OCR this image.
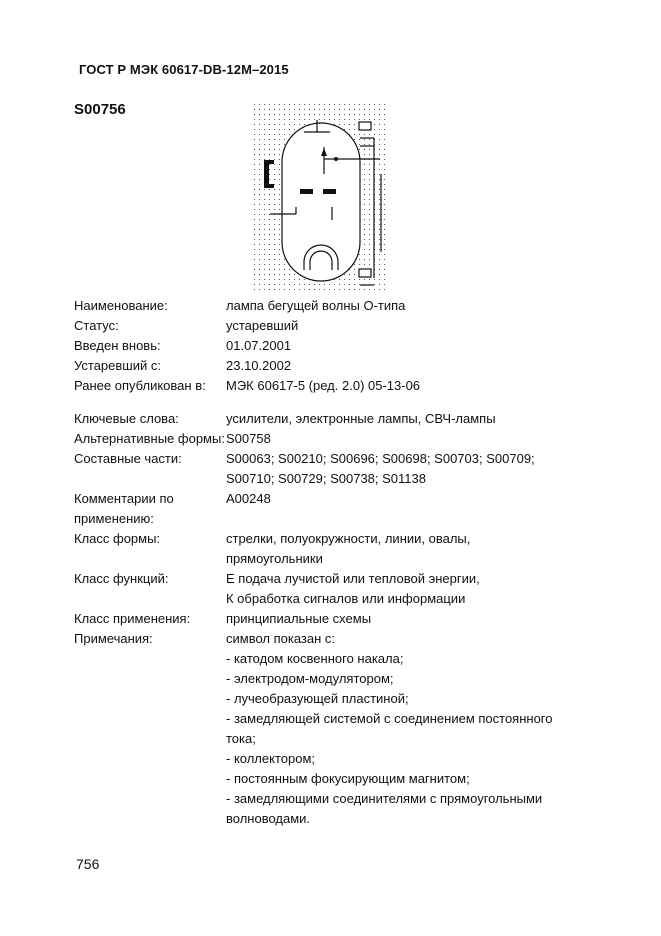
ГОСТ Р МЭК 60617-DB-12M–2015
S00756
Наименование:	лампа бегущей волны О-типа
Статус:	устаревший
Введен вновь:	01.07.2001
Устаревший с:	23.10.2002
Ранее опубликован в:	МЭК 60617-5 (ред. 2.0) 05-13-06
Ключевые слова:	усилители, электронные лампы, СВЧ-лампы
Альтернативные формы: S00758
Составные части:	S00063; S00210; S00696; S00698; S00703; S00709;
S00710; S00729; S00738; S01138
Комментарии по применению:
A00248
Класс формы:	стрелки, полуокружности, линии, овалы,
прямоугольники
Класс функций:	Е подача лучистой или тепловой энергии,
К обработка сигналов или информации
Класс применения:	принципиальные схемы
Примечания:	символ показан с:
- катодом косвенного накала;
- электродом-модулятором;
- лучеобразующей пластиной;
- замедляющей системой с соединением постоянного
тока;
- коллектором;
- постоянным фокусирующим магнитом;
- замедляющими соединителями с прямоугольными
волноводами.
756
